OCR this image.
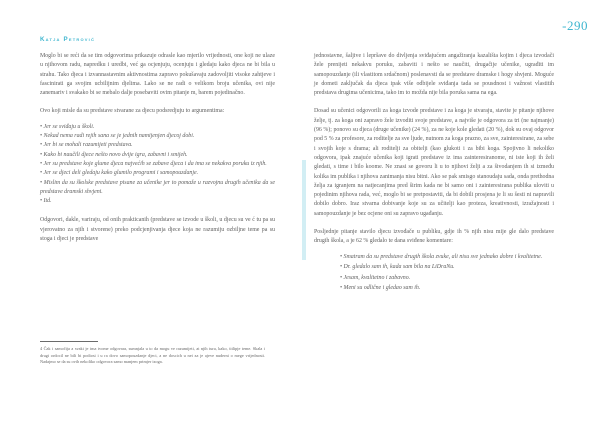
-290
Katja Petrović

Moglo bi se reći da se tim odgovorima prikazuje odrasle kao mjerilo vrijednosti, one koji ne ulaze u njihovom radu, napredku i uredbi, već ga ocjenjuju, ocenjuju i gledaju kako djeca ne bi bila u strahu. Tako djeca i izvannastavnim aktivnostima zapravo pokušavaju zadovoljiti visoke zahtjeve i fascinirati ga svojim ucbilijnim djelima. Lako se ne radi o velikom broju učenika, ovi nije zanemariv i svakako bi se mebalo dalje posebaviti ovim pitanje m, barem pojedinačno.

Ovo koji misle da su predstave stvarane za djecu podsredjuju to argumentima:

• Jer se sviđaju u školi.
• Nekad nema radi rejih sana se je jednih namijenjen djecoj dobi.
• Jer bi se mohali razumijeti predstava.
• Kako bi naučili djece nešto novo dvije igra, zabavni i smijeh.
• Jer su predstave koje glume djeca najvećih se zabave djeca i da ima se nekakva poruku iz njih.
• Jer se djeci deli gledaju kako glumilo programi i samopouzdanje.
• Mislim da su školske predstave pisane za učenike jer to pomaže u razvojnu drugih učenika da se predstave dramski shvjeni.
• Itd.

Odgovori, dakle, variraju, od onih prakticanih (predstave se izvode u školi, u djecu su ve ć tu pa su vjerovatno za njih i stvorene) preko podcjenjivanja djece koja ne razumiju ozbiljne teme pa su stoga i djeci je predstave

4 Čak i samočija a svaki je ima tvome odgovara, sumnjala u to da mogu ve razumijeti, at njih tura, kako, titlipje teme. Skala i drugi ordocil ne bili bi podiosi i u ra dovo samopouzdanje djeci, a ne doscich u nei za je ajeve nuderni o mege vrijednosti. Nadajmo se da su ovih nekoliko odgovora samo manjem primjer izoga.

jednostavne, šaljive i lepršave do divljenja sviđajućem angažiranja kazališta kojim i djeca izvodači žele prenijeti nekakvu poruku, zabaviti i nešto se naučiti, drugačije učenike, ugrađiti im samopouzdanje (ili vlastitom srdačnom) poslenavsti da se predstave dramske i hogy shvjeni. Moguće je dometi zaključak da djeca ipak više odbijele sviđanja tada se pousdnost i važnost vlastitih predstava drugima učenicima, tako im to možda nije bila poruka sama na ega.

Dosad su učenici odgovorili za koga izvode predstave i za koga je stvaraju, stavite je pitanje njihove želje, tj. za koga oni zapravo žele izvoditi svoje predstave, a najviše je odgovora za tri (ne najmanje) (96 %); ponovo su djeca (druge učenike) (24 %), za ne koje kole gledati (20 %), dok su ovaj odgovor pod 5 % za profesore, za roditelje za sve ljude, nutnom za koga prazno, za sve, zainteresirane, za sebe i svojih koje s drama; ali roditelji za obitelji (kao glukoti i za bibi koga. Spojivno li nekoliko odgovora, ipak znajuće učenika koji igrati predstave iz ima zainteresiranome, ni iste koji ih želi gledati, s time i bilo koome. Ne znasi se govoru li u to njihovi želji a za šivodanjem ih si između kolika im publika i njihova zanimanja nisu bitni. Ako se pak smisgo stanoudaju sada, onda prethodna želja za igranjem na natjecanjima pred širim kada ne bi samo oni i zainteresirana publika uloviti u pojedinim njihova rada, već, moglo bi se pretpostaviti, da bi dobili prosjena je li su šesti ni napravili dobilo dobro. Iraz stvarna dobivanje koje su za učitelji kao proteza, kreativnosti, izražajnosti i samopouzdanje je bez ocjene oni su zapravo ugađanju.

Posljednje pitanje stavilo djecu izvođače u publiku, gdje ih % njih nisu mije gle dalo predstave drugih škola, a je 62 % gledalo te dana sviđene komentare:

• Smatram da su predstave drugih škola zvuke, ali nisu sve jednako dobre i kvalitetne.
• Dr. gledalo sam ih, kada sam bila na LiDraNu.
• Jesam, kvalitetno i zabavno.
• Meni su odlične i gledao sam ih.
